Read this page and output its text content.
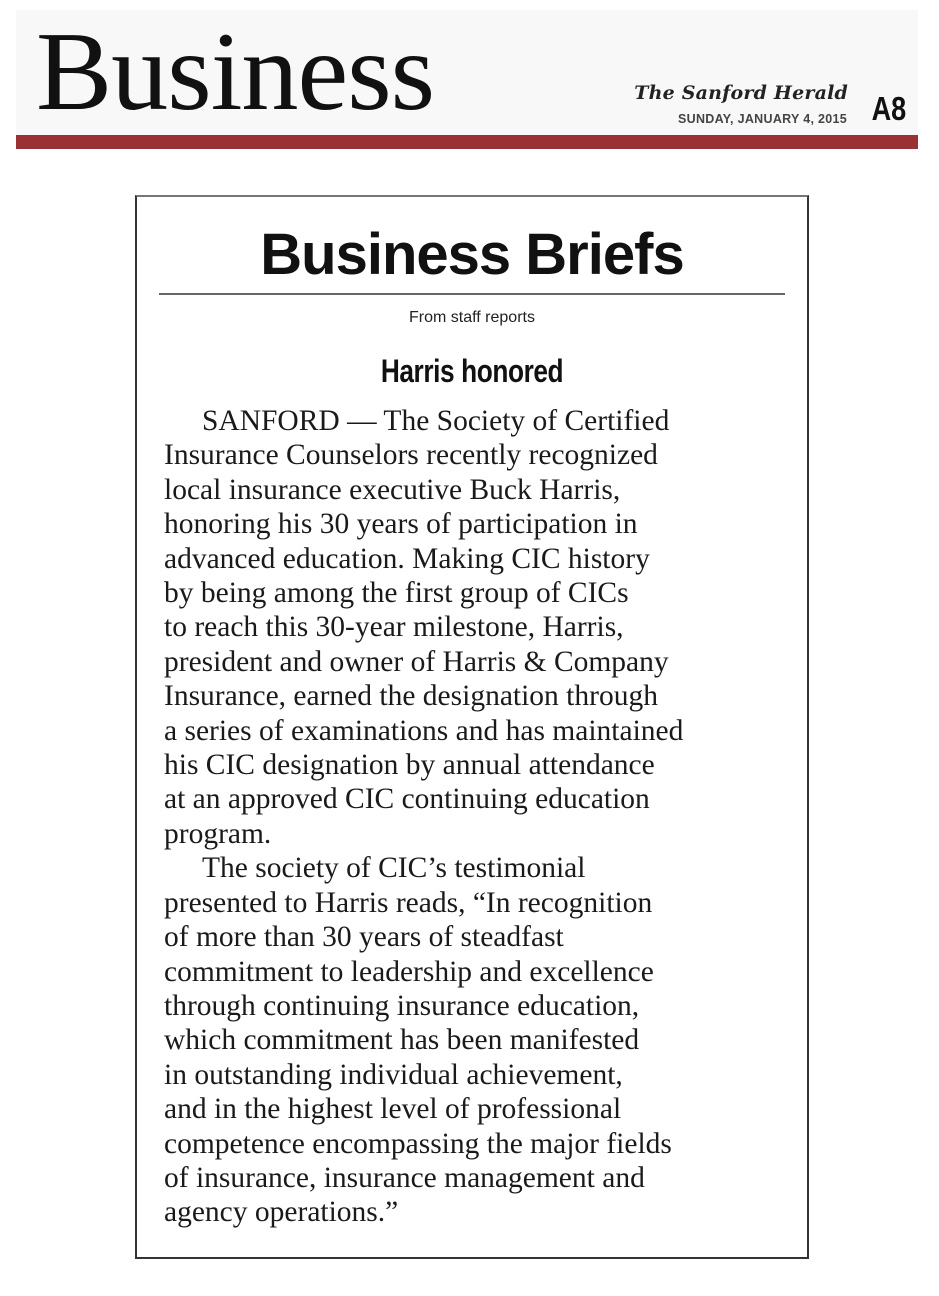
Business	The Sanford Herald
SUNDAY, JANUARY 4, 2015 A8
Business Briefs
From staff reports
Harris honored
SANFORD — The Society of Certified
Insurance Counselors recently recognized
local insurance executive Buck Harris,
honoring his 30 years of participation in
advanced education. Making CIC history
by being among the first group of CICs
to reach this 30-year milestone, Harris,
president and owner of Harris & Company
Insurance, earned the designation through
a series of examinations and has maintained
his CIC designation by annual attendance
at an approved CIC continuing education
program.
The society of CIC’s testimonial
presented to Harris reads, “In recognition
of more than 30 years of steadfast
commitment to leadership and excellence
through continuing insurance education,
which commitment has been manifested
in outstanding individual achievement,
and in the highest level of professional
competence encompassing the major fields
of insurance, insurance management and
agency operations.”
